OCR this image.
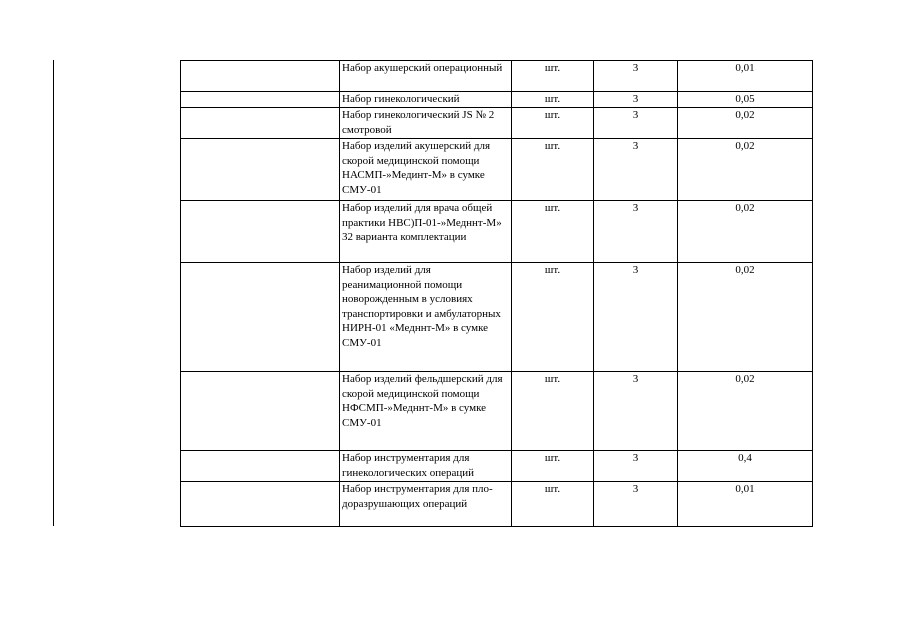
	Набор акушерский операционный	шт.	3	0,01
	Набор гинекологический	шт.	3	0,05
	Набор гинекологический JS № 2 смотровой	шт.	3	0,02
	Набор изделий акушерский для скорой медицинской помощи НАСМП-»Мединт-М» в сумке СМУ-01	шт.	3	0,02
	Набор изделий для врача общей практики НВС)П-01-»Медннт-М» 32 варианта комплектации	шт.	3	0,02
	Набор изделий для реанимационной помощи новорожденным в условиях транспортировки и амбулаторных НИРН-01 «Медннт-М» в сумке СМУ-01	шт.	3	0,02
	Набор изделий фельдшерский для скорой медицинской помощи НФСМП-»Медннт-М» в сумке СМУ-01	шт.	3	0,02
	Набор инструментария для гинекологических операций	шт.	3	0,4
	Набор инструментария для пло-доразрушающих операций	шт.	3	0,01
